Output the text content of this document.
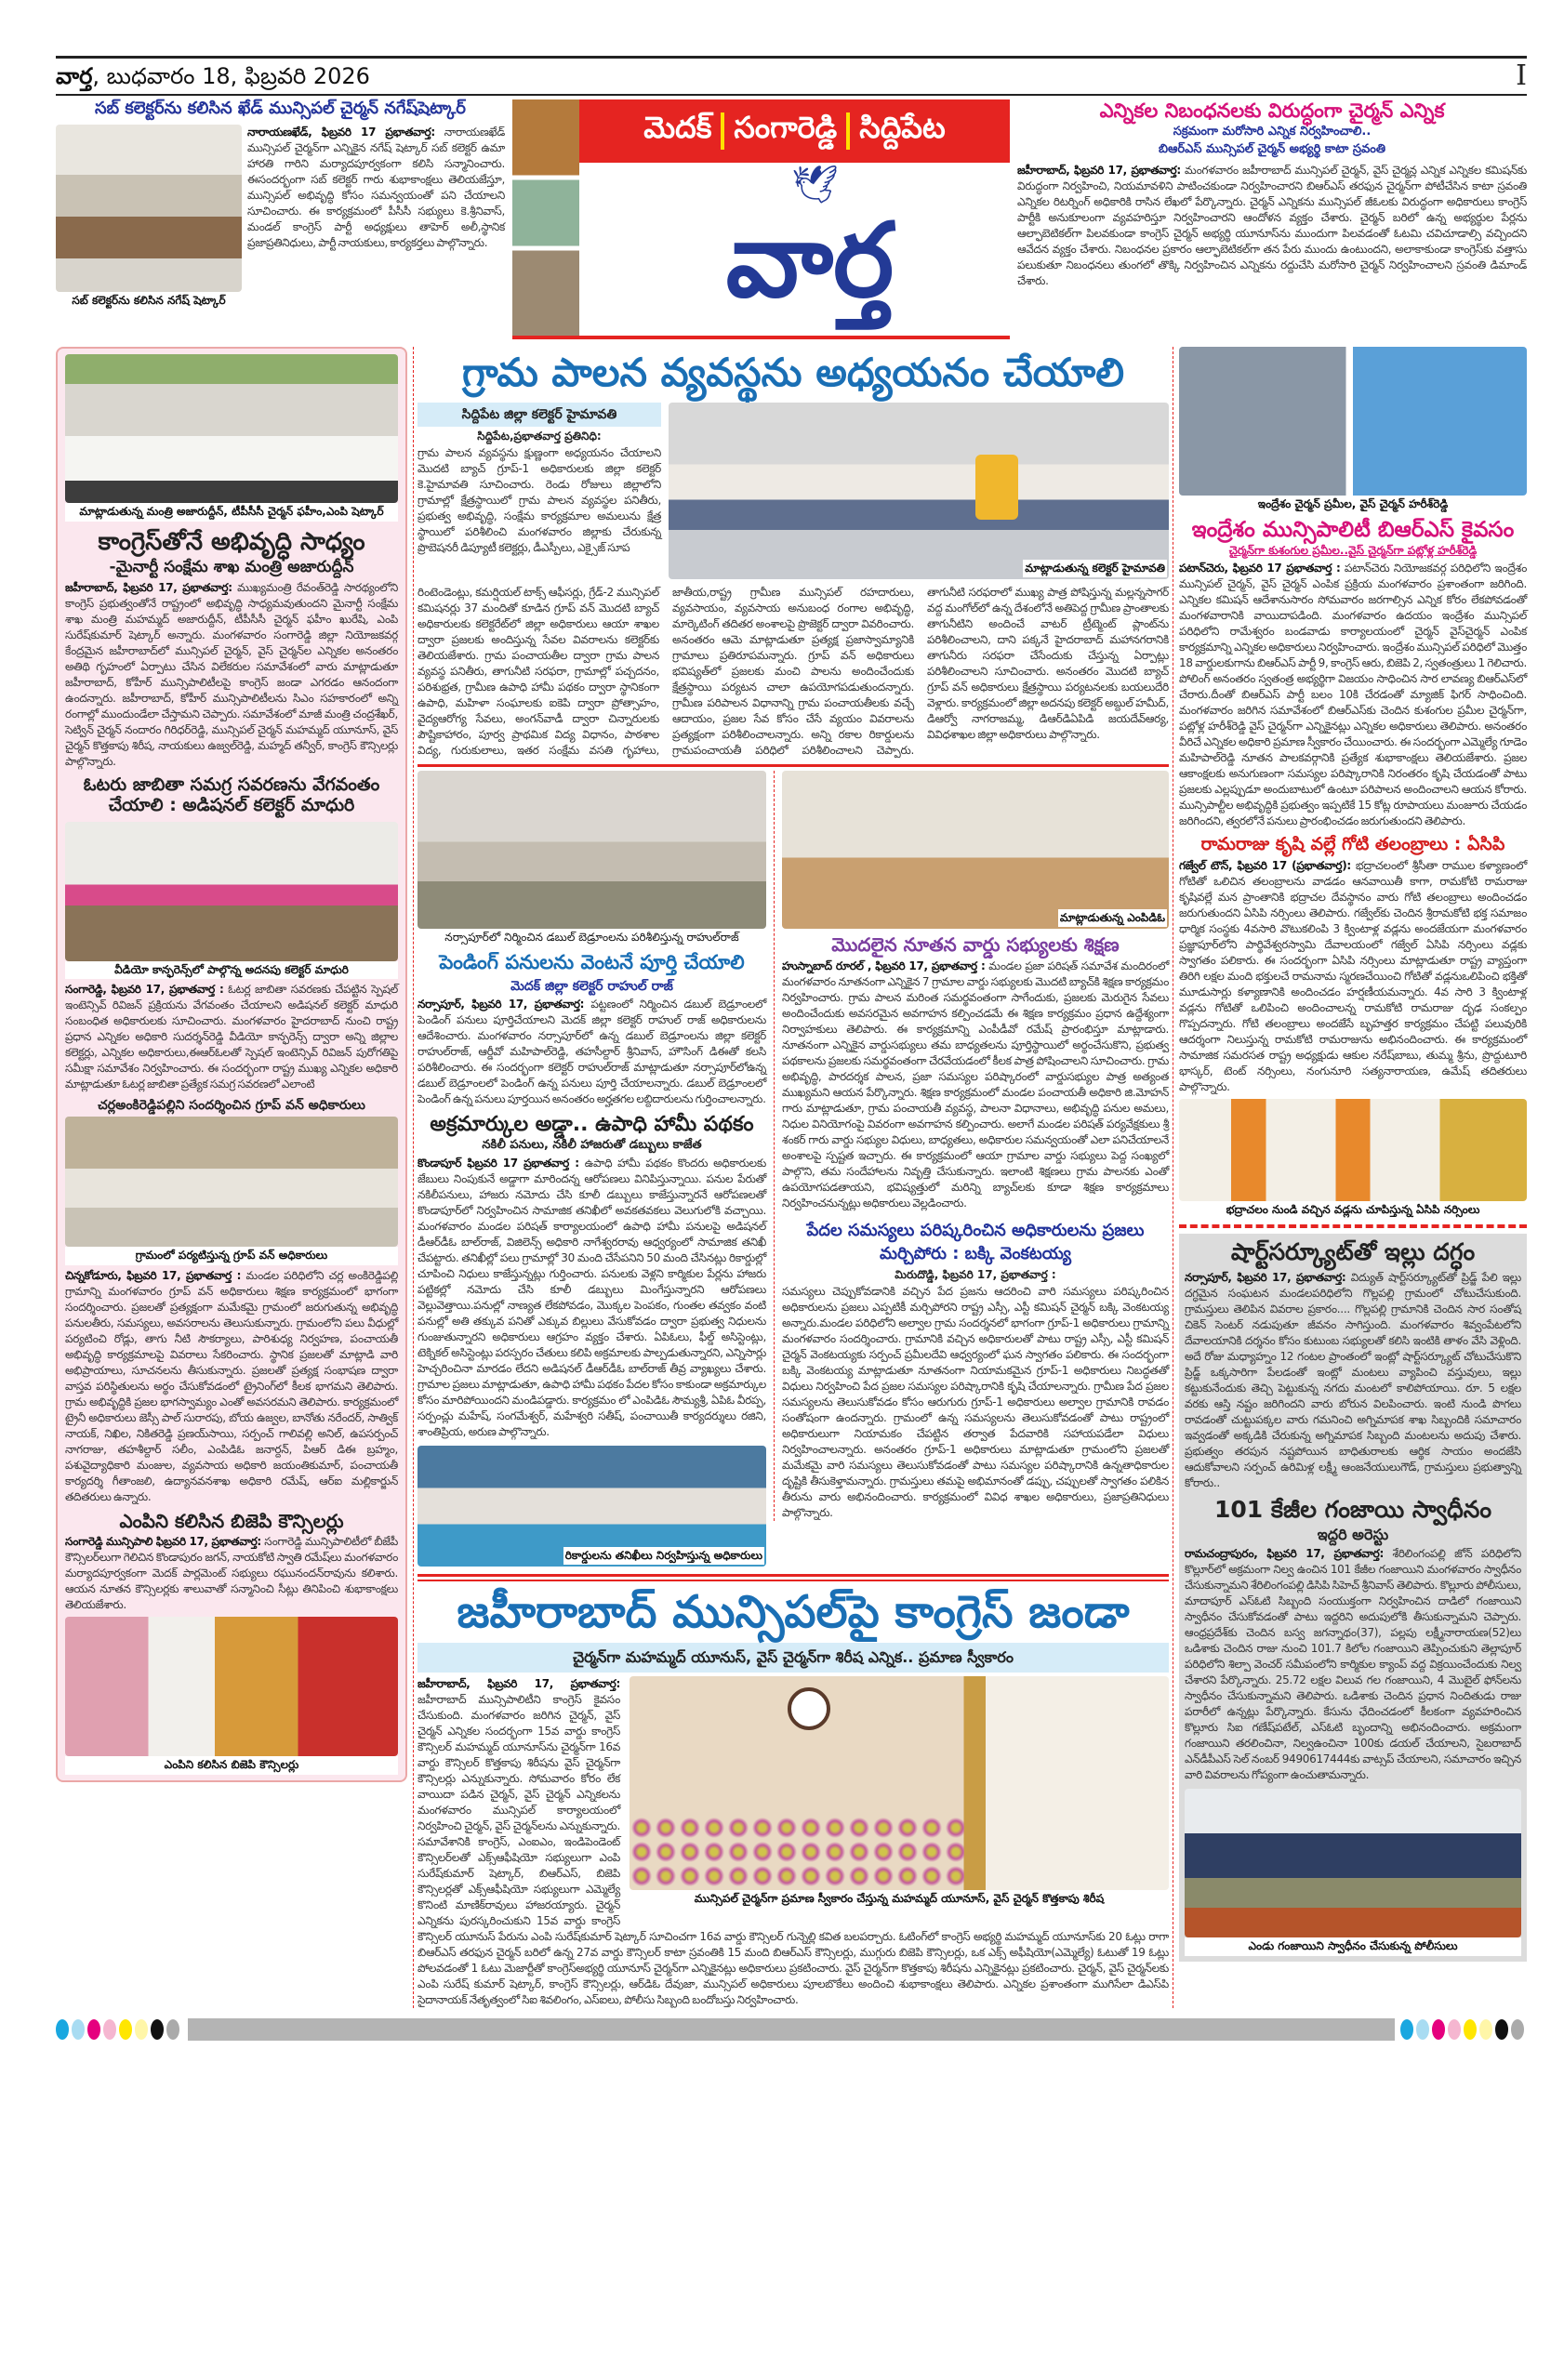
వార్త, బుధవారం 18, ఫిబ్రవరి 2026	I
సబ్ కలెక్టర్‌ను కలిసిన ఖేడ్ మున్సిపల్ చైర్మన్ నగేష్‌షెట్కార్
సబ్ కలెక్టర్‌ను కలిసిన నగేష్ షెట్కార్
నారాయణఖేడ్, ఫిబ్రవరి 17 ప్రభాతవార్త: నారాయణఖేడ్ మున్సిపల్ చైర్మన్‌గా ఎన్నికైన నగేష్ షెట్కార్ సబ్ కలెక్టర్ ఉమా హారతి గారిని మర్యాదపూర్వకంగా కలిసి సన్మానించారు. ఈసందర్భంగా సబ్ కలెక్టర్ గారు శుభాకాంక్షలు తెలియజేస్తూ, మున్సిపల్ అభివృద్ధి కోసం సమన్వయంతో పని చేయాలని సూచించారు. ఈ కార్యక్రమంలో పీసీసీ సభ్యులు కె.శ్రీనివాస్, మండల్ కాంగ్రెస్ పార్టీ అధ్యక్షులు తాహెర్ అలీ,స్థానిక ప్రజాప్రతినిధులు, పార్టీ నాయకులు, కార్యకర్తలు పాల్గొన్నారు.
మెదక్ సంగారెడ్డి సిద్దిపేట
🕊
వార్త
ఎన్నికల నిబంధనలకు విరుద్ధంగా చైర్మన్ ఎన్నిక
సక్రమంగా మరోసారి ఎన్నిక నిర్వహించాలి..
బిఆర్ఎస్ మున్సిపల్ చైర్మన్ అభ్యర్థి కాటా స్రవంతి
జహీరాబాద్, ఫిబ్రవరి 17, ప్రభాతవార్త: మంగళవారం జహీరాబాద్ మున్సిపల్ చైర్మన్, వైస్ చైర్మన్ల ఎన్నిక ఎన్నికల కమిషన్‌కు విరుద్ధంగా నిర్వహించి, నియమావళిని పాటించకుండా నిర్వహించారని బిఆర్ఎస్ తరఫున చైర్మన్‌గా పోటీచేసిన కాటా స్రవంతి ఎన్నికల రిటర్నింగ్ అధికారికి రాసిన లేఖలో పేర్కొన్నారు. చైర్మన్ ఎన్నికను మున్సిపల్ జీఓలకు విరుద్ధంగా అధికారులు కాంగ్రెస్ పార్టీకి అనుకూలంగా వ్యవహరిస్తూ నిర్వహించారని ఆందోళన వ్యక్తం చేశారు. చైర్మన్ బరిలో ఉన్న అభ్యర్థుల పేర్లను ఆల్ఫాబెటికల్‌గా పిలవకుండా కాంగ్రెస్ చైర్మన్ అభ్యర్థి యూనూస్‌ను ముందుగా పిలవడంతో ఓటమి చవిచూడాల్సి వచ్చిందని ఆవేదన వ్యక్తం చేశారు. నిబంధనల ప్రకారం ఆల్ఫాబెటికల్‌గా తన పేరు ముందు ఉంటుందని, అలాకాకుండా కాంగ్రెస్‌కు వత్తాసు పలుకుతూ నిబంధనలు తుంగలో తొక్కి నిర్వహించిన ఎన్నికను రద్దుచేసి మరోసారి చైర్మన్ నిర్వహించాలని స్రవంతి డిమాండ్ చేశారు.
మాట్లాడుతున్న మంత్రి అజారుద్దీన్, టీపీసీసీ చైర్మన్ ఫహీం,ఎంపి షెట్కార్
కాంగ్రెస్‌తోనే అభివృద్ధి సాధ్యం
-మైనార్టీ సంక్షేమ శాఖ మంత్రి అజారుద్దీన్
జహీరాబాద్, ఫిబ్రవరి 17, ప్రభాతవార్త: ముఖ్యమంత్రి రేవంత్‌రెడ్డి సారథ్యంలోని కాంగ్రెస్ ప్రభుత్వంతోనే రాష్ట్రంలో అభివృద్ధి సాధ్యమవుతుందని మైనార్టీ సంక్షేమ శాఖ మంత్రి మహమ్మద్ అజారుద్దీన్, టీపీసీసీ చైర్మన్ ఫహీం ఖురేషి, ఎంపి సురేష్‌కుమార్ షెట్కార్ అన్నారు. మంగళవారం సంగారెడ్డి జిల్లా నియోజకవర్గ కేంద్రమైన జహీరాబాద్‌లో మున్సిపల్ చైర్మన్, వైస్ చైర్మన్‌ల ఎన్నికల అనంతరం అతిథి గృహంలో ఏర్పాటు చేసిన విలేకరుల సమావేశంలో వారు మాట్లాడుతూ జహీరాబాద్, కోహీర్ మున్సిపాలిటీలపై కాంగ్రెస్ జండా ఎగరడం ఆనందంగా ఉందన్నారు. జహీరాబాద్, కోహీర్ మున్సిపాలిటీలను సిఎం సహకారంలో అన్ని రంగాల్లో ముందుండేలా చేస్తామని చెప్పారు. సమావేశంలో మాజీ మంత్రి చంద్రశేఖర్, సెట్విన్ చైర్మన్ నందారం గిరిధర్‌రెడ్డి, మున్సిపల్ చైర్మన్ మహమ్మద్ యూనూస్, వైస్ చైర్మన్ కొత్తకాపు శిరీష, నాయకులు ఉజ్వల్‌రెడ్డి, మహ్మద్ తన్వీర్, కాంగ్రెస్ కౌన్సిలర్లు పాల్గొన్నారు.
ఓటరు జాబితా సమగ్ర సవరణను వేగవంతం చేయాలి : అడిషనల్ కలెక్టర్ మాధురి
వీడియో కాన్ఫరెన్స్‌లో పాల్గొన్న అదనపు కలెక్టర్ మాధురి
సంగారెడ్డి, ఫిబ్రవరి 17, ప్రభాతవార్త : ఓటర్ల జాబితా సవరణకు చేపట్టిన స్పెషల్ ఇంటెన్సివ్ రివిజన్ ప్రక్రియను వేగవంతం చేయాలని అడిషనల్ కలెక్టర్ మాధురి సంబంధిత అధికారులకు సూచించారు. మంగళవారం హైదరాబాద్ నుంచి రాష్ట్ర ప్రధాన ఎన్నికల అధికారి సుదర్శన్‌రెడ్డి వీడియో కాన్ఫరెన్స్ ద్వారా అన్ని జిల్లాల కలెక్టర్లు, ఎన్నికల అధికారులు,ఈఆర్ఓలతో స్పెషల్ ఇంటెన్సివ్ రివిజన్ పురోగతిపై సమీక్షా సమావేశం నిర్వహించారు. ఈ సందర్భంగా రాష్ట్ర ముఖ్య ఎన్నికల అధికారి మాట్లాడుతూ ఓటర్ల జాబితా ప్రత్యేక సమగ్ర సవరణలో ఎలాంటి
చర్లఅంకిరెడ్డిపల్లిని సందర్శించిన గ్రూప్ వన్ అధికారులు
గ్రామంలో పర్యటిస్తున్న గ్రూప్ వన్ అధికారులు
చిన్నకోడూరు, ఫిబ్రవరి 17, ప్రభాతవార్త : మండల పరిధిలోని చర్ల అంకిరెడ్డిపల్లి గ్రామాన్ని మంగళవారం గ్రూప్ వన్ అధికారులు శిక్షణ కార్యక్రమంలో భాగంగా సందర్శించారు. ప్రజలతో ప్రత్యక్షంగా మమేకమై గ్రామంలో జరుగుతున్న అభివృద్ధి పనులతీరు, సమస్యలు, అవసరాలను తెలుసుకున్నారు. గ్రామంలోని పలు వీధుల్లో పర్యటించి రోడ్లు, తాగు నీటి సౌకర్యాలు, పారిశుధ్య నిర్వహణ, పంచాయతీ అభివృద్ధి కార్యక్రమాలపై వివరాలు సేకరించారు. స్థానిక ప్రజలతో మాట్లాడి వారి అభిప్రాయాలు, సూచనలను తీసుకున్నారు. ప్రజలతో ప్రత్యక్ష సంభాషణ ద్వారా వాస్తవ పరిస్థితులను అర్థం చేసుకోవడంలో ట్రైనింగ్‌లో కీలక భాగమని తెలిపారు. గ్రామ అభివృద్ధికి ప్రజల భాగస్వామ్యం ఎంతో అవసరమని తెలిపారు. కార్యక్రమంలో ట్రైనీ అధికారులు జెస్సీ పాల్ సురారపు, బోయ ఉజ్వల, బానోతు నరేందర్, సాత్విక్ నాయక్, నిఖిల, నికితరెడ్డి ప్రణయ్‌సాయి, సర్పంచ్ గాలివల్లి అనిల్, ఉపసర్పంచ్ నాగరాజు, తహశీల్దార్ సలీం, ఎంపిడిఓ జనార్దన్, పిఆర్ డిఈ బ్రహ్మం, పశువైద్యాధికారి మంజుల, వ్యవసాయ అధికారి జయంతికుమార్, పంచాయతీ కార్యదర్శి గీతాంజలి, ఉద్యానవనశాఖ అధికారి రమేష్, ఆర్ఐ మల్లికార్జున్ తదితరులు ఉన్నారు.
ఎంపిని కలిసిన బిజెపి కౌన్సిలర్లు
సంగారెడ్డి మున్సిపాలి ఫిబ్రవరి 17, ప్రభాతవార్త: సంగారెడ్డి మున్సిపాలిటీలో బీజేపీ కౌన్సిలర్‌లుగా గెలిచిన కొండాపురం జగన్, నాయకోటి స్వాతి రమేష్‌లు మంగళవారం మర్యాదపూర్వకంగా మెదక్ పార్లమెంట్ సభ్యులు రఘునందన్‌రావును కలిశారు. ఆయన నూతన కౌన్సిలర్లకు శాలువాతో సన్మానించి సీట్లు తినిపించి శుభాకాంక్షలు తెలియజేశారు.
ఎంపిని కలిసిన బిజెపి కౌన్సిలర్లు
గ్రామ పాలన వ్యవస్థను అధ్యయనం చేయాలి
సిద్దిపేట జిల్లా కలెక్టర్ హైమావతి
సిద్దిపేట,ప్రభాతవార్త ప్రతినిధి:
గ్రామ పాలన వ్యవస్థను క్షుణ్ణంగా అధ్యయనం చేయాలని మొదటి బ్యాచ్ గ్రూప్-1 అధికారులకు జిల్లా కలెక్టర్ కె.హైమావతి సూచించారు. రెండు రోజులు జిల్లాలోని గ్రామాల్లో క్షేత్రస్థాయిలో గ్రామ పాలన వ్యవస్థల పనితీరు, ప్రభుత్వ అభివృద్ధి, సంక్షేమ కార్యక్రమాల అమలును క్షేత్ర స్థాయిలో పరిశీలించి మంగళవారం జిల్లాకు చేరుకున్న ప్రొబెషనరీ డిప్యూటీ కలెక్టర్లు, డీఎస్పీలు, ఎక్సైజ్ సూప
మాట్లాడుతున్న కలెక్టర్ హైమావతి
రింటెండెంట్లు, కమర్షియల్ టాక్స్ ఆఫీసర్లు, గ్రేడ్-2 మున్సిపల్ కమిషనర్లు 37 మందితో కూడిన గ్రూప్ వన్ మొదటి బ్యాచ్ అధికారులకు కలెక్టరేట్‌లో జిల్లా అధికారులు ఆయా శాఖల ద్వారా ప్రజలకు అందిస్తున్న సేవల వివరాలను కలెక్టర్‌కు తెలియజేశారు. గ్రామ పంచాయతీల ద్వారా గ్రామ పాలన వ్యవస్థ పనితీరు, తాగునీటి సరఫరా, గ్రామాల్లో పచ్చదనం, పరిశుభ్రత, గ్రామీణ ఉపాధి హామీ పథకం ద్వారా స్థానికంగా ఉపాధి, మహిళా సంఘాలకు ఐకెపి ద్వారా ప్రోత్సాహం, వైద్యఆరోగ్య సేవలు, అంగన్‌వాడీ ద్వారా చిన్నారులకు పౌష్టికాహారం, పూర్వ ప్రాథమిక విద్య విధానం, పాఠశాల విద్య, గురుకులాలు, ఇతర సంక్షేమ వసతి గృహాలు, జాతీయ,రాష్ట్ర గ్రామీణ మున్సిపల్ రహదారులు, వ్యవసాయం, వ్యవసాయ అనుబంధ రంగాల అభివృద్ధి, మార్కెటింగ్ తదితర అంశాలపై ప్రొజెక్టర్ ద్వారా వివరించారు. అనంతరం ఆమె మాట్లాడుతూ ప్రత్యక్ష ప్రజాస్వామ్యానికి గ్రామాలు ప్రతిరూపమన్నారు. గ్రూప్ వన్ అధికారులు భవిష్యత్‌లో ప్రజలకు మంచి పాలను అందించేందుకు క్షేత్రస్థాయి పర్యటన చాలా ఉపయోగపడుతుందన్నారు. గ్రామీణ పరిపాలన విధానాన్ని గ్రామ పంచాయతీలకు వచ్చే ఆదాయం, ప్రజల సేవ కోసం చేసే వ్యయం వివరాలను ప్రత్యక్షంగా పరిశీలించాలన్నారు. అన్ని రకాల రికార్డులను గ్రామపంచాయతీ పరిధిలో పరిశీలించాలని చెప్పారు. తాగునీటి సరఫరాలో ముఖ్య పాత్ర పోషిస్తున్న మల్లన్నసాగర్ వద్ద మంగోల్‌లో ఉన్న దేశంలోనే అతిపెద్ద గ్రామీణ ప్రాంతాలకు తాగునీటిని అందించే వాటర్ ట్రీట్మెంట్ ప్లాంట్‌ను పరిశీలించాలని, దాని పక్కనే హైదరాబాద్ మహానగరానికి తాగునీరు సరఫరా చేసేందుకు చేస్తున్న ఏర్పాట్లు పరిశీలించాలని సూచించారు. అనంతరం మొదటి బ్యాచ్ గ్రూప్ వన్ అధికారులు క్షేత్రస్థాయి పర్యటనలకు బయలుదేరి వెళ్లారు. కార్యక్రమంలో జిల్లా అదనపు కలెక్టర్ అబ్దుల్ హమీద్, డిఆర్వో నాగరాజమ్మ, డిఆర్‌డిఏపిడి జయదేవ్‌ఆర్య, వివిధశాఖల జిల్లా అధికారులు పాల్గొన్నారు.
నర్సాపూర్‌లో నిర్మించిన డబుల్ బెడ్రూంలను పరిశీలిస్తున్న రాహుల్‌రాజ్
పెండింగ్ పనులను వెంటనే పూర్తి చేయాలి
మెదక్ జిల్లా కలెక్టర్ రాహుల్ రాజ్
నర్సాపూర్, ఫిబ్రవరి 17, ప్రభాతవార్త: పట్టణంలో నిర్మించిన డబుల్ బెడ్రూంలలో పెండింగ్ పనులు పూర్తిచేయాలని మెదక్ జిల్లా కలెక్టర్ రాహుల్ రాజ్ అధికారులను ఆదేశించారు. మంగళవారం నర్సాపూర్‌లో ఉన్న డబుల్ బెడ్రూంలను జిల్లా కలెక్టర్ రాహుల్‌రాజ్, ఆర్డీవో మహిపాల్‌రెడ్డి, తహసీల్దార్ శ్రీనివాస్, హౌసింగ్ డిఈతో కలసి పరిశీలించారు. ఈ సందర్భంగా కలెక్టర్ రాహుల్‌రాజ్ మాట్లాడుతూ నర్సాపూర్‌లోఉన్న డబుల్ బెడ్రూంలలో పెండింగ్ ఉన్న పనులు పూర్తి చేయాలన్నారు. డబుల్ బెడ్రూంలలో పెండింగ్ ఉన్న పనులు పూర్తయిన అనంతరం అర్హతగల లబ్దిదారులను గుర్తించాలన్నారు.
అక్రమార్కుల అడ్డా.. ఉపాధి హామీ పథకం
నకిలీ పనులు, నకిలీ హాజరుతో డబ్బులు కాజేత
కొండాపూర్ ఫిబ్రవరి 17 ప్రభాతవార్త : ఉపాధి హామీ పథకం కొందరు అధికారులకు జేబులు నింపుకునే అడ్డాగా మారిందన్న ఆరోపణలు వినిపిస్తున్నాయి. పనుల పేరుతో నకిలీపనులు, హాజరు నమోదు చేసి కూలీ డబ్బులు కాజేస్తున్నారనే ఆరోపణలతో కొండాపూర్‌లో నిర్వహించిన సామాజిక తనిఖీలో అవకతవకలు వెలుగులోకి వచ్చాయి. మంగళవారం మండల పరిషత్ కార్యాలయంలో ఉపాధి హామీ పనులపై అడిషనల్ డీఆర్‌డీఓ బాల్‌రాజ్, విజిలెన్స్ అధికారి నాగేశ్వరరావు ఆధ్వర్యంలో సామాజిక తనిఖీ చేపట్టారు. తనిఖీల్లో పలు గ్రామాల్లో 30 మంది చేసేపనిని 50 మంది చేసినట్లు రికార్డుల్లో చూపించి నిధులు కాజేస్తున్నట్లు గుర్తించారు. పనులకు వెళ్లని కార్మికుల పేర్లను హాజరు పట్టికల్లో నమోదు చేసి కూలీ డబ్బులు మింగేస్తున్నారని ఆరోపణలు వెల్లువెత్తాయి.పనుల్లో నాణ్యత లేకపోవడం, మొక్కల పెంపకం, గుంతల తవ్వకం వంటి పనుల్లో అతి తక్కువ పనితో ఎక్కువ బిల్లులు వేసుకోవడం ద్వారా ప్రభుత్వ నిధులను గుంజుతున్నారని అధికారులు ఆగ్రహం వ్యక్తం చేశారు. ఏపిఓలు, ఫీల్డ్ అసిస్టెంట్లు, టెక్నికల్ అసిస్టెంట్లు పరస్పరం చేతులు కలిపి అక్రమాలకు పాల్పడుతున్నారని, ఎన్నిసార్లు హెచ్చరించినా మారడం లేదని అడిషనల్ డీఆర్‌డీఓ బాల్‌రాజ్ తీవ్ర వ్యాఖ్యలు చేశారు. గ్రామాల ప్రజలు మాట్లాడుతూ, ఉపాధి హామీ పథకం పేదల కోసం కాకుండా అక్రమార్కుల కోసం మారిపోయిందని మండిపడ్డారు. కార్యక్రమం లో ఎంపిడిఓ సౌమ్యశ్రీ, ఏపిఓ వీరప్ప, సర్పంచ్లు మహేష్, సంగమేశ్వర్, మహేశ్వరి సతీష్, పంచాయితీ కార్యదర్శులు రజిని, శాంతిప్రియ, అరుణ పాల్గొన్నారు.
రికార్డులను తనిఖీలు నిర్వహిస్తున్న అధికారులు
మాట్లాడుతున్న ఎంపిడిఓ
మొదలైన నూతన వార్డు సభ్యులకు శిక్షణ
హుస్నాబాద్ రూరల్ , ఫిబ్రవరి 17, ప్రభాతవార్త : మండల ప్రజా పరిషత్ సమావేశ మందిరంలో మంగళవారం నూతనంగా ఎన్నికైన 7 గ్రామాల వార్డు సభ్యులకు మొదటి బ్యాచ్‌కి శిక్షణ కార్యక్రమం నిర్వహించారు. గ్రామ పాలన మరింత సమర్థవంతంగా సాగేందుకు, ప్రజలకు మెరుగైన సేవలు అందించేందుకు అవసరమైన అవగాహన కల్పించడమే ఈ శిక్షణ కార్యక్రమం ప్రధాన ఉద్దేశ్యంగా నిర్వాహకులు తెలిపారు. ఈ కార్యక్రమాన్ని ఎంపీడీవో రమేష్ ప్రారంభిస్తూ మాట్లాడారు. నూతనంగా ఎన్నికైన వార్డుసభ్యులు తమ బాధ్యతలను పూర్తిస్థాయిలో అర్థంచేసుకొని, ప్రభుత్వ పథకాలను ప్రజలకు సమర్థవంతంగా చేరవేయడంలో కీలక పాత్ర పోషించాలని సూచించారు. గ్రామ అభివృద్ధి, పారదర్శక పాలన, ప్రజా సమస్యల పరిష్కారంలో వార్డుసభ్యుల పాత్ర అత్యంత ముఖ్యమని ఆయన పేర్కొన్నారు. శిక్షణ కార్యక్రమంలో మండల పంచాయతీ అధికారి జి.మోహన్ గారు మాట్లాడుతూ, గ్రామ పంచాయతీ వ్యవస్థ, పాలనా విధానాలు, అభివృద్ధి పనుల అమలు, నిధుల వినియోగంపై వివరంగా అవగాహన కల్పించారు. అలాగే మండల పరిషత్ పర్యవేక్షకులు శ్రీ శంకర్ గారు వార్డు సభ్యుల విధులు, బాధ్యతలు, అధికారుల సమన్వయంతో ఎలా పనిచేయాలనే అంశాలపై స్పష్టత ఇచ్చారు. ఈ కార్యక్రమంలో ఆయా గ్రామాల వార్డు సభ్యులు పెద్ద సంఖ్యలో పాల్గొని, తమ సందేహాలను నివృత్తి చేసుకున్నారు. ఇలాంటి శిక్షణలు గ్రామ పాలనకు ఎంతో ఉపయోగపడతాయని, భవిష్యత్తులో మరిన్ని బ్యాచ్‌లకు కూడా శిక్షణ కార్యక్రమాలు నిర్వహించనున్నట్లు అధికారులు వెల్లడించారు.
పేదల సమస్యలు పరిష్కరించిన అధికారులను ప్రజలు మర్చిపోరు : బక్కి వెంకటయ్య
మిరుదొడ్డి, ఫిబ్రవరి 17, ప్రభాతవార్త :
సమస్యలు చెప్పుకోవడానికి వచ్చిన పేద ప్రజను ఆదరించి వారి సమస్యలు పరిష్కరించిన అధికారులను ప్రజలు ఎప్పటికీ మర్చిపోరని రాష్ట్ర ఎస్సీ, ఎస్టీ కమిషన్ చైర్మన్ బక్కి వెంకటయ్య అన్నారు.మండల పరిధిలోని అల్వాల గ్రామ సందర్శనలో భాగంగా గ్రూప్-1 అధికారులు గ్రామాన్ని మంగళవారం సందర్శించారు. గ్రామానికి వచ్చిన అధికారులతో పాటు రాష్ట్ర ఎస్సీ, ఎస్టీ కమిషన్ చైర్మన్ వెంకటయ్యకు సర్పంచ్ ప్రమీలదేవి ఆధ్వర్యంలో ఘన స్వాగతం పలికారు. ఈ సందర్భంగా బక్కి వెంకటయ్య మాట్లాడుతూ నూతనంగా నియామకమైన గ్రూప్-1 అధికారులు నిబద్ధతతో విధులు నిర్వహించి పేద ప్రజల సమస్యల పరిష్కారానికి కృషి చేయాలన్నారు. గ్రామీణ పేద ప్రజల సమస్యలను తెలుసుకోవడం కోసం ఆరుగురు గ్రూప్-1 అధికారులు అల్వాల గ్రామానికి రావడం సంతోషంగా ఉందన్నారు. గ్రామంలో ఉన్న సమస్యలను తెలుసుకోవడంతో పాటు రాష్ట్రంలో అధికారులుగా నియామకం చేపట్టిన తర్వాత పేదవారికి సహాయపడేలా విధులు నిర్వహించాలన్నారు. అనంతరం గ్రూప్-1 అధికారులు మాట్లాడుతూ గ్రామంలోని ప్రజలతో మమేకమై వారి సమస్యలు తెలుసుకోవడంతో పాటు సమస్యల పరిష్కారానికి ఉన్నతాధికారుల దృష్టికి తీసుకెళ్తామన్నారు. గ్రామస్తులు తమపై అభిమానంతో డప్పు, చప్పులతో స్వాగతం పలికిన తీరును వారు అభినందించారు. కార్యక్రమంలో వివిధ శాఖల అధికారులు, ప్రజాప్రతినిధులు పాల్గొన్నారు.
జహీరాబాద్ మున్సిపల్‌పై కాంగ్రెస్ జండా
చైర్మన్‌గా మహమ్మద్ యూనుస్, వైస్ చైర్మన్‌గా శిరీష ఎన్నిక.. ప్రమాణ స్వీకారం
మున్సిపల్ చైర్మన్‌గా ప్రమాణ స్వీకారం చేస్తున్న మహమ్మద్ యూనూస్, వైస్ చైర్మన్ కొత్తకాపు శిరీష
జహీరాబాద్, ఫిబ్రవరి 17, ప్రభాతవార్త: జహీరాబాద్ మున్సిపాలిటీని కాంగ్రెస్ కైవసం చేసుకుంది. మంగళవారం జరిగిన చైర్మన్, వైస్ చైర్మన్ ఎన్నికల సందర్భంగా 15వ వార్డు కాంగ్రెస్ కౌన్సిలర్ మహమ్మద్ యూనూస్‌ను చైర్మన్‌గా 16వ వార్డు కౌన్సిలర్ కొత్తకాపు శిరీషను వైస్ చైర్మన్‌గా కౌన్సిలర్లు ఎన్నుకున్నారు. సోమవారం కోరం లేక వాయిదా పడిన చైర్మన్, వైస్ చైర్మన్ ఎన్నికలను మంగళవారం మున్సిపల్ కార్యాలయంలో నిర్వహించి చైర్మన్, వైస్ చైర్మన్‌లను ఎన్నుకున్నారు. సమావేశానికి కాంగ్రెస్, ఎంఐఎం, ఇండిపెండెంట్ కౌన్సిలర్‌లతో ఎక్స్‌ఆఫీషియో సభ్యులుగా ఎంపి సురేష్‌కుమార్ షెట్కార్, బిఆర్ఎస్, బిజెపి కౌన్సిలర్లతో ఎక్స్‌ఆఫీషియో సభ్యులుగా ఎమ్మెల్యే కొనింటి మాణిక్‌రావులు హాజరయ్యారు. చైర్మన్ ఎన్నికను పురస్కరించుకుని 15వ వార్డు కాంగ్రెస్ కౌన్సిలర్ యూనుస్ పేరును ఎంపి సురేష్‌కుమార్ షెట్కార్ సూచించగా 16వ వార్డు కౌన్సిలర్ గున్నెల్లి కవిత బలపర్చారు. ఓటింగ్‌లో కాంగ్రెస్ అభ్యర్థి మహమ్మద్ యూనూస్‌కు 20 ఓట్లు రాగా బిఆర్ఎస్ తరఫున చైర్మన్ బరిలో ఉన్న 27వ వార్డు కౌన్సిలర్ కాటా స్రవంతికి 15 మంది బిఆర్ఎస్ కౌన్సిలర్లు, ముగ్గురు బిజెపి కౌన్సిలర్లు, ఒక ఎక్స్ అఫీషియో(ఎమ్మెల్యే) ఓటుతో 19 ఓట్లు పోలవడంతో 1 ఓటు మెజార్టీతో కాంగ్రెస్‌అభ్యర్థి యూనూస్ చైర్మన్‌గా ఎన్నికైనట్లు అధికారులు ప్రకటించారు. వైస్ చైర్మన్‌గా కొత్తకాపు శిరీషను ఎన్నికైనట్లు ప్రకటించారు. చైర్మన్, వైస్ చైర్మన్‌లకు ఎంపి సురేష్ కుమార్ షెట్కార్, కాంగ్రెస్ కౌన్సిలర్లు, ఆర్‌డిఓ దేవుజా, మున్సిపల్ అధికారులు పూలబొకేలు అందించి శుభాకాంక్షలు తెలిపారు. ఎన్నికల ప్రశాంతంగా ముగిసేలా డిఎస్‌పి సైదానాయక్ నేతృత్వంలో సిఐ శివలింగం, ఎస్‌ఐలు, పోలీసు సిబ్బంది బందోబస్తు నిర్వహించారు.
ఇంద్రేశం చైర్మన్ ప్రమీల, వైస్ చైర్మన్ హరీశ్‌రెడ్డి
ఇంద్రేశం మున్సిపాలిటీ బిఆర్ఎస్ కైవసం
చైర్మన్‌గా కుశంగుల ప్రమీల..వైస్ చైర్మన్‌గా పట్లోళ్ల హరీశ్‌రెడ్డి
పటాన్‌చెరు, ఫిబ్రవరి 17 ప్రభాతవార్త : పటాన్‌చెరు నియోజకవర్గ పరిధిలోని ఇంద్రేశం మున్సిపల్ చైర్మన్, వైస్ చైర్మన్ ఎంపిక ప్రక్రియ మంగళవారం ప్రశాంతంగా జరిగింది. ఎన్నికల కమిషన్ ఆదేశానుసారం సోమవారం జరగాల్సిన ఎన్నిక కోరం లేకపోవడంతో మంగళవారానికి వాయిదాపడింది. మంగళవారం ఉదయం ఇంద్రేశం మున్సిపల్ పరిధిలోని రామేశ్వరం బండవాడు కార్యాలయంలో చైర్మన్ వైస్‌చైర్మన్ ఎంపిక కార్యక్రమాన్ని ఎన్నికల అధికారులు నిర్వహించారు. ఇంద్రేశం మున్సిపల్ పరిధిలో మొత్తం 18 వార్డులకుగాను బిఆర్ఎస్ పార్టీ 9, కాంగ్రెస్ ఆరు, బిజెపి 2, స్వతంత్రులు 1 గెలిచారు. పోలింగ్ అనంతరం స్వతంత్ర అభ్యర్థిగా విజయం సాధించిన సార లావణ్య బిఆర్ఎస్‌లో చేరారు.దీంతో బిఆర్ఎస్ పార్టీ బలం 10కి చేరడంతో మ్యాజిక్ ఫిగర్ సాధించింది. మంగళవారం జరిగిన సమావేశంలో బిఆర్ఎస్‌కు చెందిన కుశంగుల ప్రమీల చైర్మన్‌గా, పట్లోళ్ల హరీశ్‌రెడ్డి వైస్ చైర్మన్‌గా ఎన్నికైనట్లు ఎన్నికల అధికారులు తెలిపారు. అనంతరం వీరిచే ఎన్నికల అధికారి ప్రమాణ స్వీకారం చేయించారు. ఈ సందర్భంగా ఎమ్మెల్యే గూడెం మహిపాల్‌రెడ్డి నూతన పాలకవర్గానికి ప్రత్యేక శుభాకాంక్షలు తెలియజేశారు. ప్రజల ఆకాంక్షలకు అనుగుణంగా సమస్యల పరిష్కారానికి నిరంతరం కృషి చేయడంతో పాటు ప్రజలకు ఎల్లప్పుడూ అందుబాటులో ఉంటూ పరిపాలన అందించాలని ఆయన కోరారు. మున్సిపాల్టీల అభివృద్ధికి ప్రభుత్వం ఇప్పటికే 15 కోట్ల రూపాయలు మంజూరు చేయడం జరిగిందని, త్వరలోనే పనులు ప్రారంభించడం జరుగుతుందని తెలిపారు.
రామరాజు కృషి వల్లే గోటి తలంబ్రాలు : ఏసిపి
గజ్వేల్ టౌన్, ఫిబ్రవరి 17 (ప్రభాతవార్త): భద్రాచలంలో శ్రీసీతా రాముల కళ్యాణంలో గోటితో ఒలిచిన తలంబ్రాలను వాడడం ఆనవాయితీ కాగా, రామకోటి రామరాజు కృషివల్లే మన ప్రాంతానికి భద్రాచల దేవస్థానం వారు గోటి తలంబ్రాలు అందించడం జరుగుతుందని ఏసిపి నర్సింలు తెలిపారు. గజ్వేల్‌కు చెందిన శ్రీరామకోటి భక్త సమాజం ధార్మిక సంస్థకు 4వసారి వొటుకలింపి 3 క్వింటాళ్ల వడ్లను అందజేయగా మంగళవారం ప్రజ్ఞాపూర్‌లోని పార్థివేశ్వరస్వామి దేవాలయంలో గజ్వేల్ ఏసిపి నర్సింలు వడ్లకు స్వాగతం పలికారు. ఈ సందర్భంగా ఏసిపి నర్సింలు మాట్లాడుతూ రాష్ట్ర వ్యాప్తంగా తిరిగి లక్షల మంది భక్తులచే రామనామ స్మరణచేయించి గోటితో వడ్లనుఒలిపించి భక్తితో మూడుసార్లు కళ్యాణానికి అందించడం హర్షణీయమన్నారు. 4వ సారి 3 క్వింటాళ్ల వడ్లను గోటితో ఒలిపించి అందించాలన్న రామకోటి రామరాజు దృఢ సంకల్పం గొప్పదన్నారు. గోటి తలంబ్రాలు అందజేసే బృహత్తర కార్యక్రమం చేపట్టి పలువురికి ఆదర్శంగా నిలుస్తున్న రామకోటి రామరాజును అభినందించారు. ఈ కార్యక్రమంలో సామాజిక సమరసత రాష్ట్ర అధ్యక్షుడు ఆకుల నరేష్‌బాబు, తుమ్మ శ్రీను, ప్రొద్దుటూరి భాస్కర్, టెంట్ నర్సింలు, నంగునూరి సత్యనారాయణ, ఉమేష్ తదితరులు పాల్గొన్నారు.
భద్రాచలం నుండి వచ్చిన వడ్లను చూపిస్తున్న ఏసిపి నర్సింలు
షార్ట్‌సర్క్యూట్‌తో ఇల్లు దగ్ధం
నర్సాపూర్, ఫిబ్రవరి 17, ప్రభాతవార్త: విద్యుత్ షార్ట్‌సర్క్యూట్‌తో ప్రిడ్జ్ పేలి ఇల్లు దగ్ధమైన సంఘటన మండలపరిధిలోని గొల్లపల్లి గ్రామంలో చోటుచేసుకుంది. గ్రామస్తులు తెలిపిన వివరాల ప్రకారం.... గొల్లపల్లి గ్రామానికి చెందిన సార సంతోష చికెన్ సెంటర్ నడుపుతూ జీవనం సాగిస్తుంది. మంగళవారం శివ్వంపేటలోని దేవాలయానికి దర్శనం కోసం కుటుంబ సభ్యులతో కలిసి ఇంటికి తాళం వేసి వెళ్లింది. అదే రోజు మధ్యాహ్నం 12 గంటల ప్రాంతంలో ఇంట్లో షార్ట్‌సర్క్యూట్ చోటుచేసుకొని ప్రిడ్జ్ ఒక్కసారిగా పేలడంతో ఇంట్లో మంటలు వ్యాపించి వస్తువులు, ఇల్లు కట్టుకునేందుకు తెచ్చి పెట్టుకున్న నగదు మంటలో కాలిపోయాయి. రూ. 5 లక్షల వరకు ఆస్తి నష్టం జరిగిందని వారు బోరున విలపించారు. ఇంటి నుండి పొగలు రావడంతో చుట్టుపక్కల వారు గమనించి అగ్నిమాపక శాఖ సిబ్బందికి సమాచారం ఇవ్వడంతో అక్కడికి చేరుకున్న అగ్నిమాపక సిబ్బంది మంటలను అదుపు చేశారు. ప్రభుత్వం తరపున నష్టపోయిన బాధితురాలకు ఆర్థిక సాయం అందజేసి ఆదుకోవాలని సర్పంచ్ ఉరిమిళ్ల లక్ష్మీ ఆంజనేయులుగౌడ్, గ్రామస్తులు ప్రభుత్వాన్ని కోరారు..
101 కేజీల గంజాయి స్వాధీనం
ఇద్దరి అరెస్టు
రామచంద్రాపురం, ఫిబ్రవరి 17, ప్రభాతవార్త: శేరిలింగంపల్లి జోన్ పరిధిలోని కొల్లూర్‌లో అక్రమంగా నిల్వ ఉంచిన 101 కేజీల గంజాయిని మంగళవారం స్వాధీనం చేసుకున్నామని శేరిలింగంపల్లి డిసిపి సిహెచ్ శ్రీనివాస్ తెలిపారు. కొల్లూరు పోలీసులు, మాదాపూర్ ఎస్‌ఓటి సిబ్బంది సంయుక్తంగా నిర్వహించిన దాడిలో గంజాయిని స్వాధీనం చేసుకోవడంతో పాటు ఇద్దరిని అదుపులోకి తీసుకున్నామని చెప్పారు. ఆంధ్రప్రదేశ్‌కు చెందిన బస్వ జగన్నాథం(37), పల్లపు లక్ష్మీనారాయణ(52)లు ఒడిశాకు చెందిన రాజు నుంచి 101.7 కిలోల గంజాయిని తెప్పించుకుని తెల్లాపూర్ పరిధిలోని శిల్పా వెంచర్ సమీపంలోని కార్మికుల క్యాంప్ వద్ద విక్రయించేందుకు నిల్వ చేశారని పేర్కొన్నారు. 25.72 లక్షల విలువ గల గంజాయిని, 4 మొబైల్ ఫోన్‌లను స్వాధీనం చేసుకున్నామని తెలిపారు. ఒడిశాకు చెందిన ప్రధాన నిందితుడు రాజు పరారీలో ఉన్నట్లు పేర్కొన్నారు. కేసును ఛేదించడంలో కీలకంగా వ్యవహరించిన కొల్లూరు సిఐ గణేష్‌పటేల్, ఎస్‌ఓటి బృందాన్ని అభినందించారు. అక్రమంగా గంజాయిని తరలించినా, నిల్వఉంచినా 100కు డయల్ చేయాలని, సైబరాబాద్ ఎన్‌డీపీఎస్ సెల్ నంబర్ 9490617444కు వాట్సప్ చేయాలని, సమాచారం ఇచ్చిన వారి వివరాలను గోప్యంగా ఉంచుతామన్నారు.
ఎండు గంజాయిని స్వాధీనం చేసుకున్న పోలీసులు
